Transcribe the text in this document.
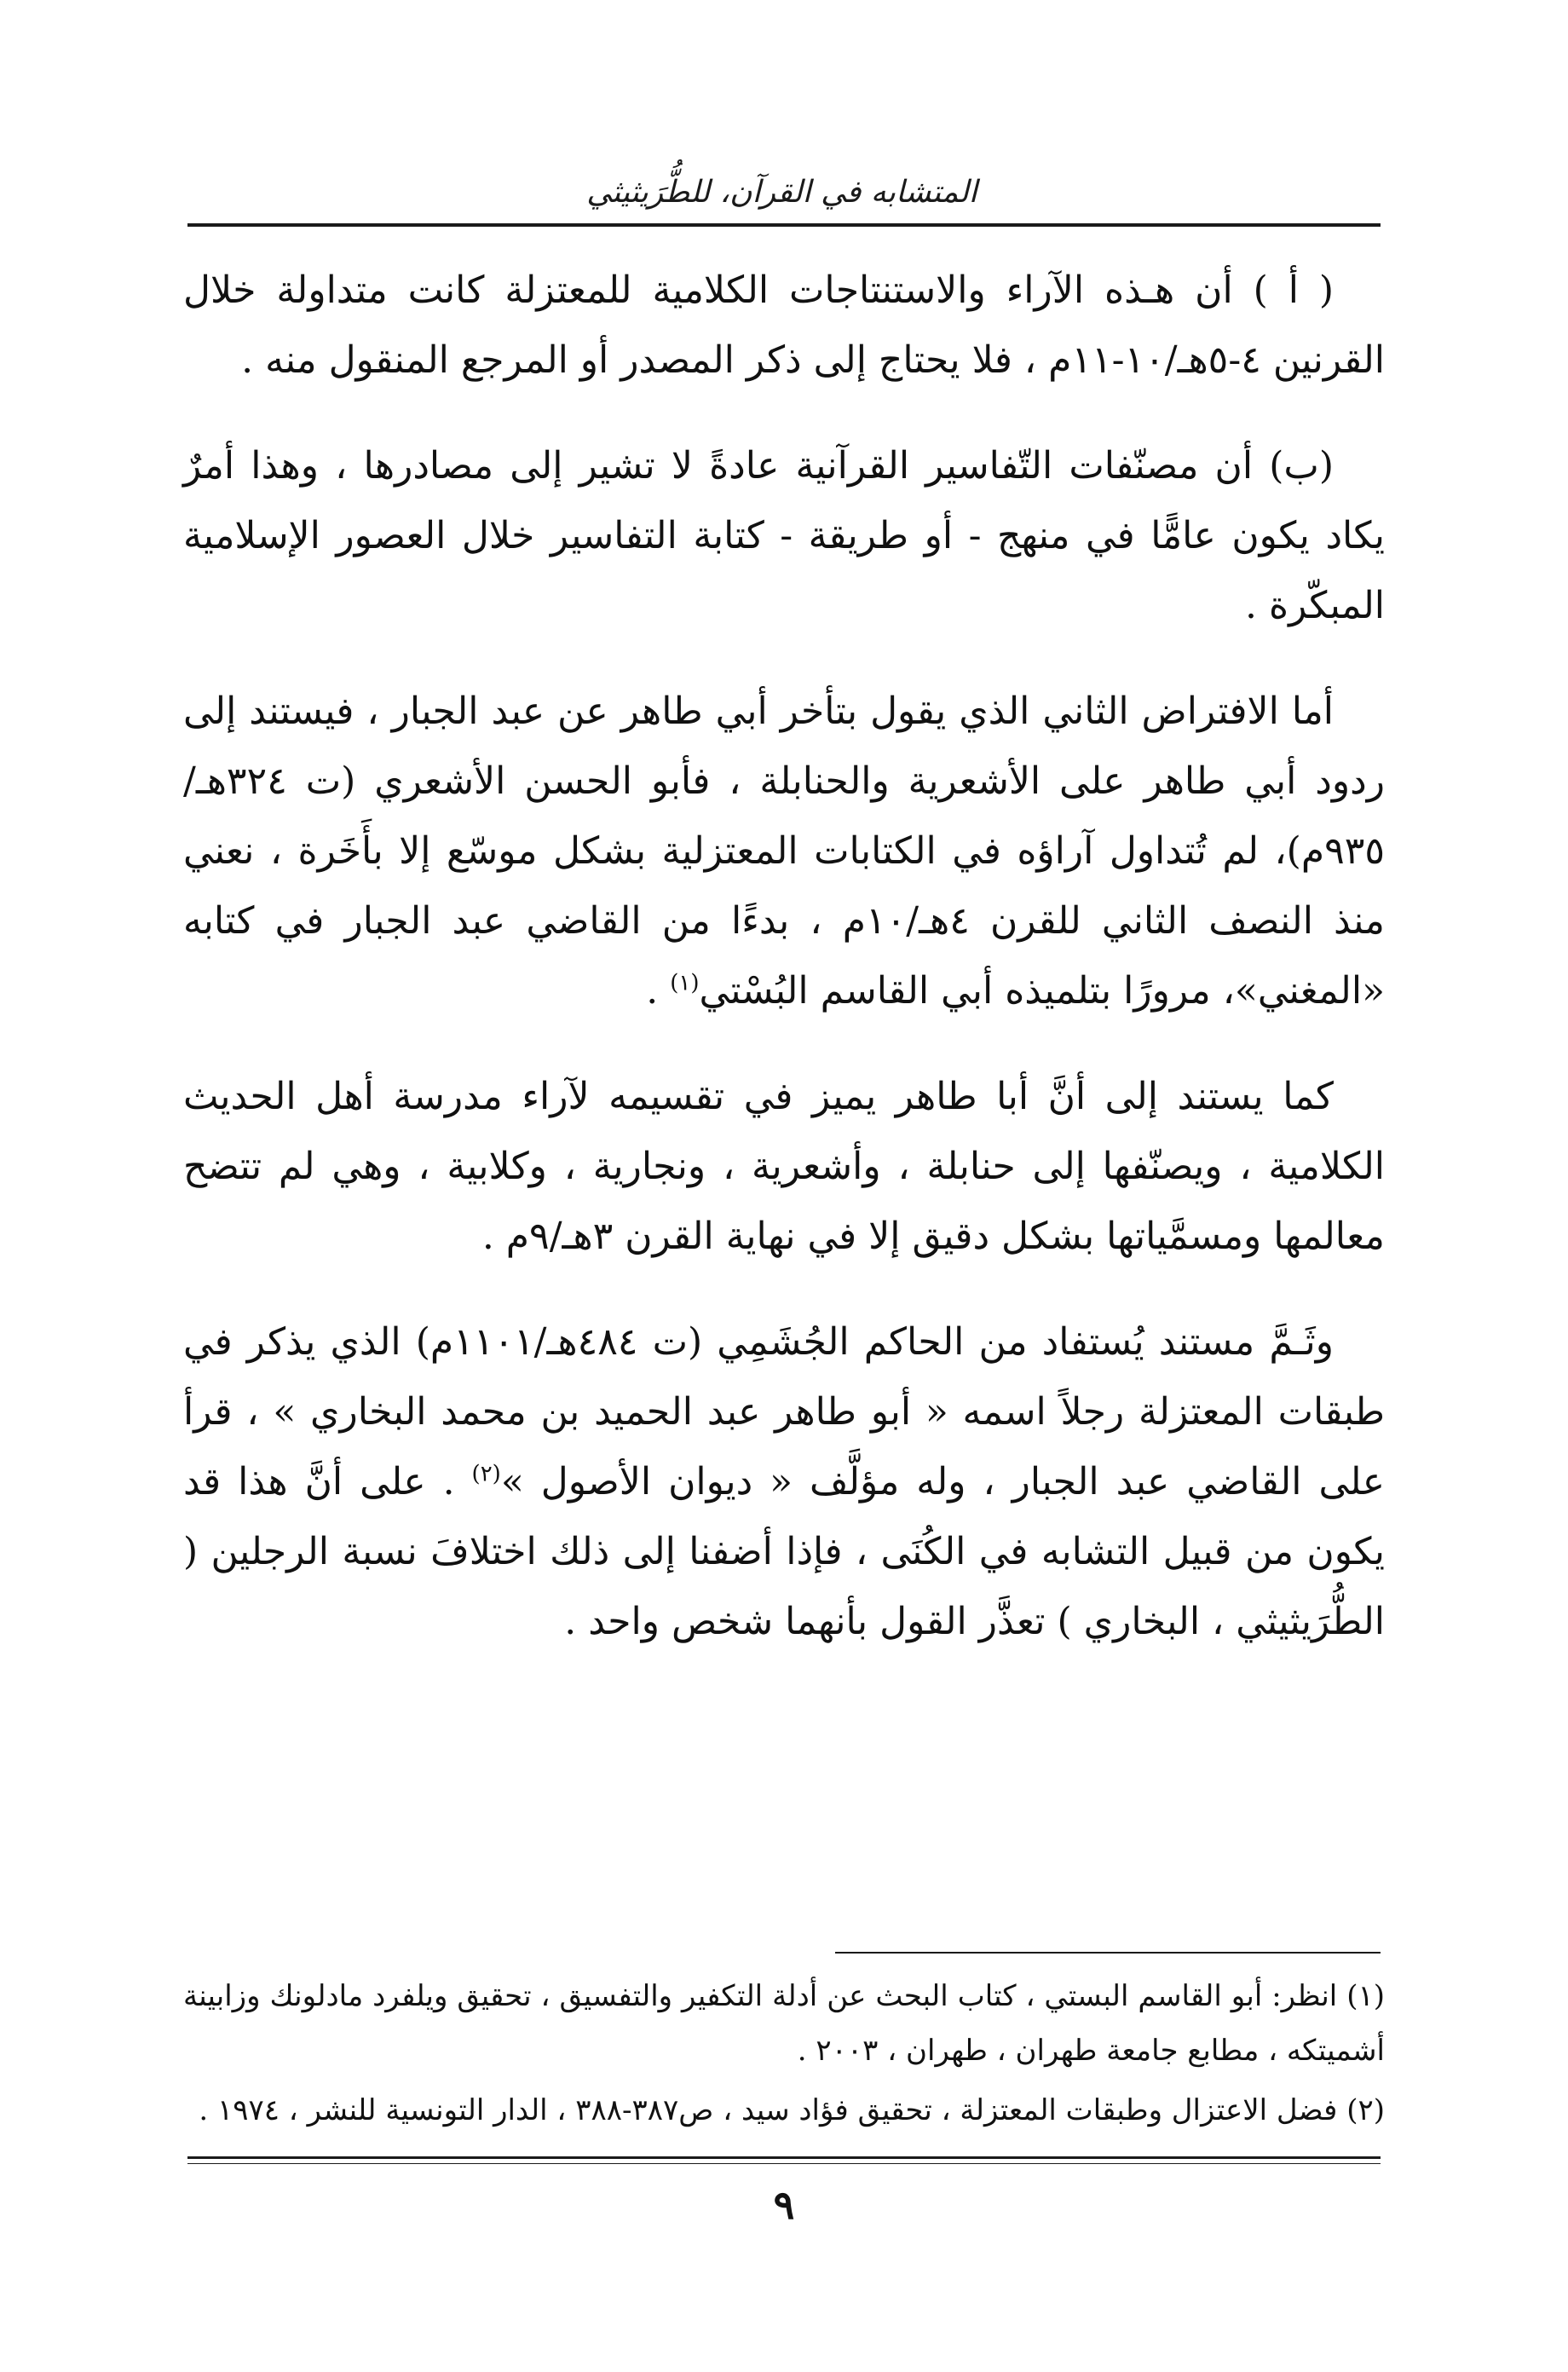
المتشابه في القرآن، للطُّرَيثيثي

( أ ) أن هـذه الآراء والاستنتاجات الكلامية للمعتزلة كانت متداولة خلال القرنين ٤-٥هـ/١٠-١١م ، فلا يحتاج إلى ذكر المصدر أو المرجع المنقول منه .

(ب) أن مصنّفات التّفاسير القرآنية عادةً لا تشير إلى مصادرها ، وهذا أمرٌ يكاد يكون عامًّا في منهج - أو طريقة - كتابة التفاسير خلال العصور الإسلامية المبكّرة .

أما الافتراض الثاني الذي يقول بتأخر أبي طاهر عن عبد الجبار ، فيستند إلى ردود أبي طاهر على الأشعرية والحنابلة ، فأبو الحسن الأشعري (ت ٣٢٤هـ/ ٩٣٥م)، لم تُتداول آراؤه في الكتابات المعتزلية بشكل موسّع إلا بأَخَرة ، نعني منذ النصف الثاني للقرن ٤هـ/١٠م ، بدءًا من القاضي عبد الجبار في كتابه «المغني»، مرورًا بتلميذه أبي القاسم البُسْتي$^{(١)}$ .

كما يستند إلى أنَّ أبا طاهر يميز في تقسيمه لآراء مدرسة أهل الحديث الكلامية ، ويصنّفها إلى حنابلة ، وأشعرية ، ونجارية ، وكلابية ، وهي لم تتضح معالمها ومسمَّياتها بشكل دقيق إلا في نهاية القرن ٣هـ/٩م .

وثَـمَّ مستند يُستفاد من الحاكم الجُشَمِي (ت ٤٨٤هـ/١١٠١م) الذي يذكر في طبقات المعتزلة رجلاً اسمه « أبو طاهر عبد الحميد بن محمد البخاري » ، قرأ على القاضي عبد الجبار ، وله مؤلَّف « ديوان الأصول »$^{(٢)}$ . على أنَّ هذا قد يكون من قبيل التشابه في الكُنَى ، فإذا أضفنا إلى ذلك اختلافَ نسبة الرجلين ( الطُّرَيثيثي ، البخاري ) تعذَّر القول بأنهما شخص واحد .

(١) انظر: أبو القاسم البستي ، كتاب البحث عن أدلة التكفير والتفسيق ، تحقيق ويلفرد مادلونك وزابينة أشميتكه ، مطابع جامعة طهران ، طهران ، ٢٠٠٣ .

(٢) فضل الاعتزال وطبقات المعتزلة ، تحقيق فؤاد سيد ، ص٣٨٧-٣٨٨ ، الدار التونسية للنشر ، ١٩٧٤ .

٩
